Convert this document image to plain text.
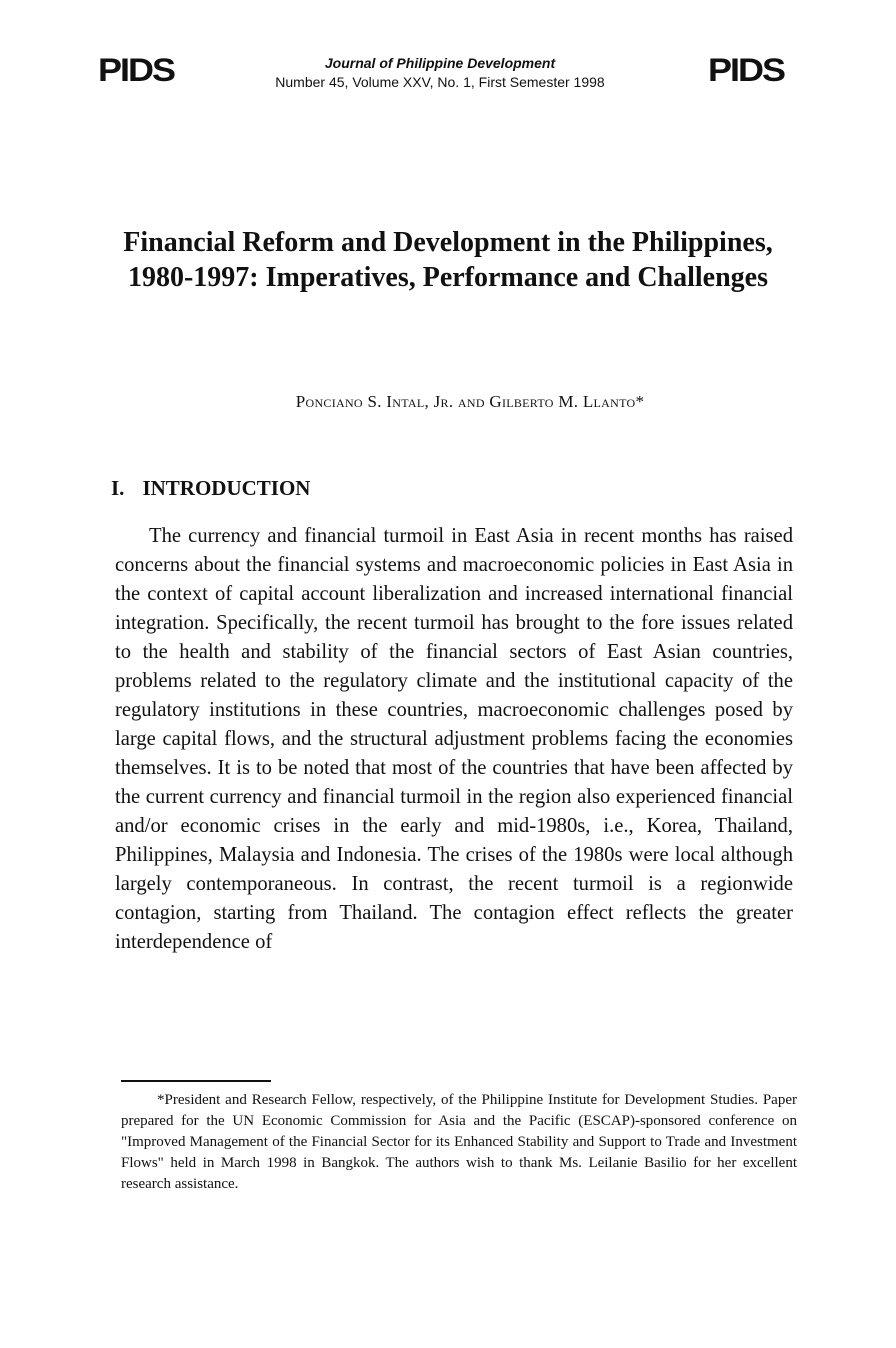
PIDS	PIDS
Journal of Philippine Development
Number 45, Volume XXV, No. 1, First Semester 1998
Financial Reform and Development in the Philippines, 1980-1997: Imperatives, Performance and Challenges
Ponciano S. Intal, Jr. and Gilberto M. Llanto*
I. INTRODUCTION
The currency and financial turmoil in East Asia in recent months has raised concerns about the financial systems and macroeconomic policies in East Asia in the context of capital account liberalization and increased international financial integration. Specifically, the recent turmoil has brought to the fore issues related to the health and stability of the financial sectors of East Asian countries, problems related to the regulatory climate and the institutional capacity of the regulatory institutions in these countries, macroeconomic challenges posed by large capital flows, and the structural adjustment problems facing the economies themselves. It is to be noted that most of the countries that have been affected by the current currency and financial turmoil in the region also experienced financial and/or economic crises in the early and mid-1980s, i.e., Korea, Thailand, Philippines, Malaysia and Indonesia. The crises of the 1980s were local although largely contemporaneous. In contrast, the recent turmoil is a regionwide contagion, starting from Thailand. The contagion effect reflects the greater interdependence of
*President and Research Fellow, respectively, of the Philippine Institute for Development Studies. Paper prepared for the UN Economic Commission for Asia and the Pacific (ESCAP)-sponsored conference on "Improved Management of the Financial Sector for its Enhanced Stability and Support to Trade and Investment Flows" held in March 1998 in Bangkok. The authors wish to thank Ms. Leilanie Basilio for her excellent research assistance.
